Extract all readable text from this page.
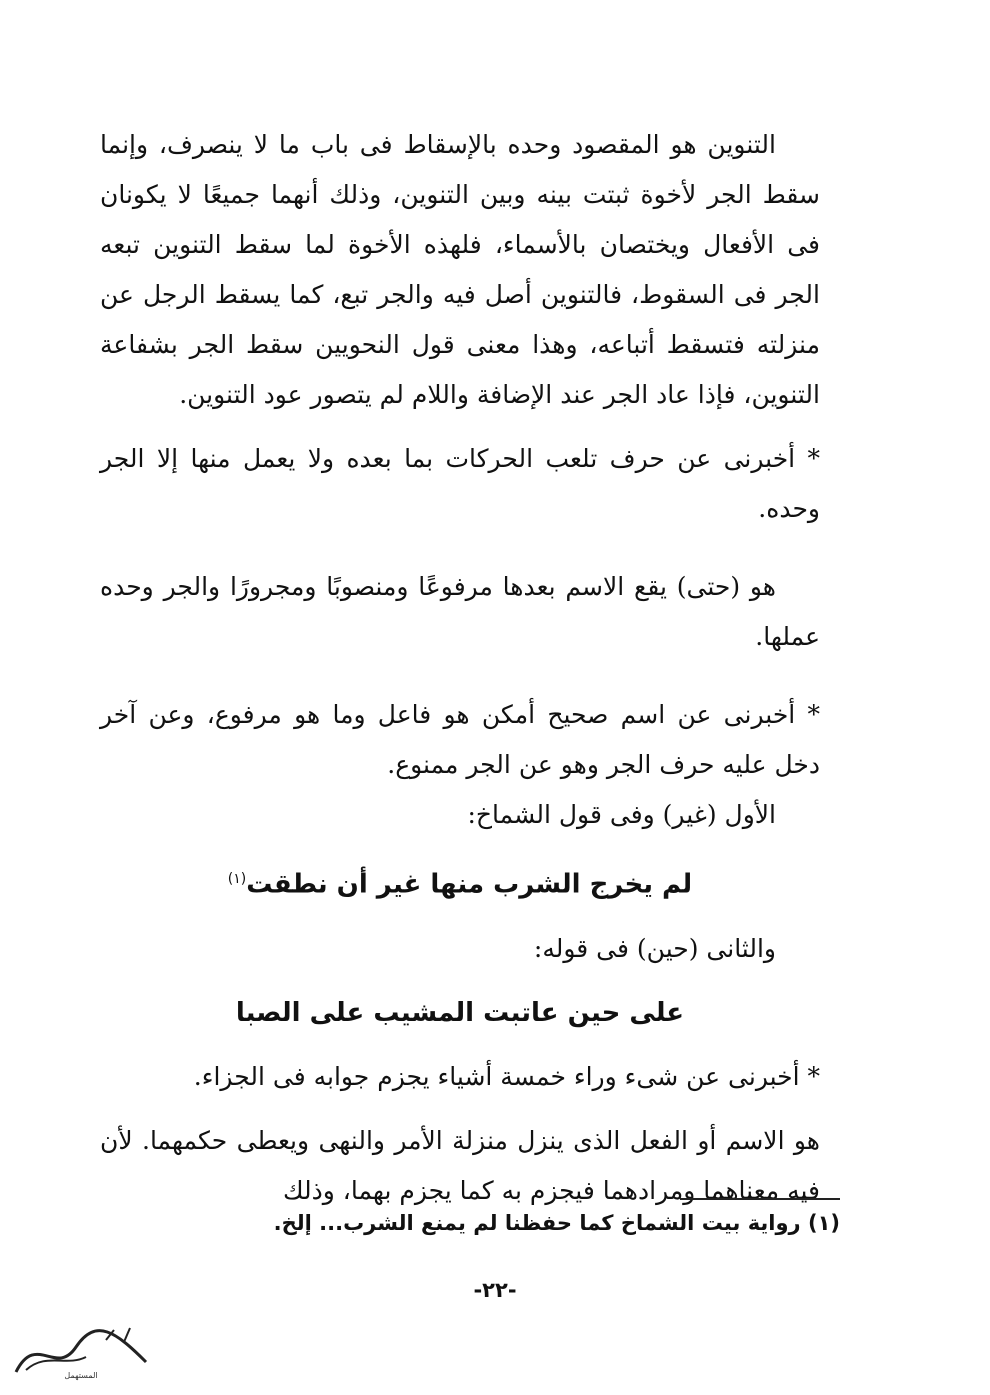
التنوين هو المقصود وحده بالإسقاط فى باب ما لا ينصرف، وإنما سقط الجر لأخوة ثبتت بينه وبين التنوين، وذلك أنهما جميعًا لا يكونان فى الأفعال ويختصان بالأسماء، فلهذه الأخوة لما سقط التنوين تبعه الجر فى السقوط، فالتنوين أصل فيه والجر تبع، كما يسقط الرجل عن منزلته فتسقط أتباعه، وهذا معنى قول النحويين سقط الجر بشفاعة التنوين، فإذا عاد الجر عند الإضافة واللام لم يتصور عود التنوين.

* أخبرنى عن حرف تلعب الحركات بما بعده ولا يعمل منها إلا الجر وحده.

هو (حتى) يقع الاسم بعدها مرفوعًا ومنصوبًا ومجرورًا والجر وحده عملها.

* أخبرنى عن اسم صحيح أمكن هو فاعل وما هو مرفوع، وعن آخر دخل عليه حرف الجر وهو عن الجر ممنوع.

الأول (غير) وفى قول الشماخ:

لم يخرج الشرب منها غير أن نطقت$^{(١)}$

والثانى (حين) فى قوله:

على حين عاتبت المشيب على الصبا

* أخبرنى عن شىء وراء خمسة أشياء يجزم جوابه فى الجزاء.

هو الاسم أو الفعل الذى ينزل منزلة الأمر والنهى ويعطى حكمهما. لأن فيه معناهما ومرادهما فيجزم به كما يجزم بهما، وذلك

(١) رواية بيت الشماخ كما حفظنا لم يمنع الشرب... إلخ.
-٢٢-
المستهمل
